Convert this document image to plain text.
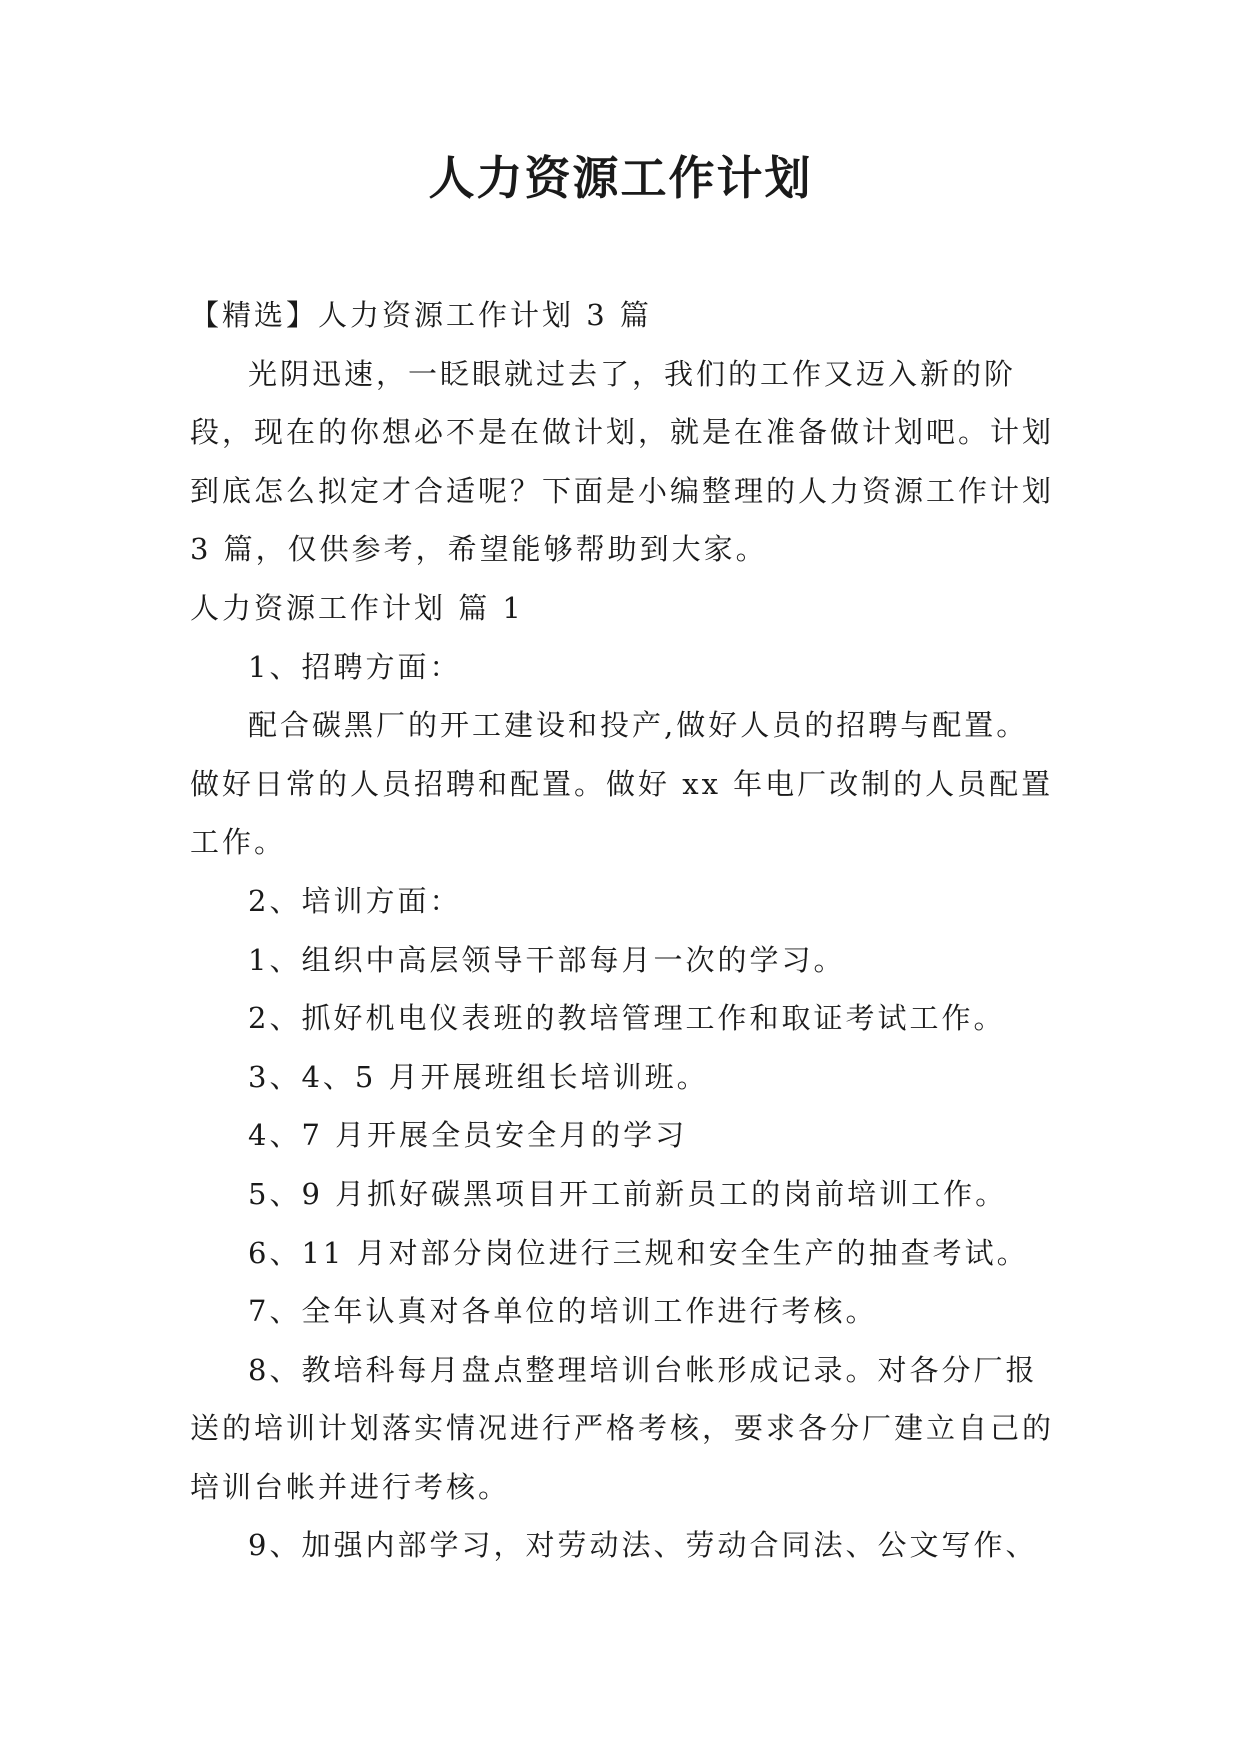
人力资源工作计划

【精选】人力资源工作计划 3 篇

光阴迅速，一眨眼就过去了，我们的工作又迈入新的阶段，现在的你想必不是在做计划，就是在准备做计划吧。计划到底怎么拟定才合适呢？下面是小编整理的人力资源工作计划 3 篇，仅供参考，希望能够帮助到大家。

人力资源工作计划 篇 1

1、招聘方面：

配合碳黑厂的开工建设和投产,做好人员的招聘与配置。做好日常的人员招聘和配置。做好 xx 年电厂改制的人员配置工作。

2、培训方面：

1、组织中高层领导干部每月一次的学习。

2、抓好机电仪表班的教培管理工作和取证考试工作。

3、4、5 月开展班组长培训班。

4、7 月开展全员安全月的学习

5、9 月抓好碳黑项目开工前新员工的岗前培训工作。

6、11 月对部分岗位进行三规和安全生产的抽查考试。

7、全年认真对各单位的培训工作进行考核。

8、教培科每月盘点整理培训台帐形成记录。对各分厂报送的培训计划落实情况进行严格考核，要求各分厂建立自己的培训台帐并进行考核。

9、加强内部学习，对劳动法、劳动合同法、公文写作、
